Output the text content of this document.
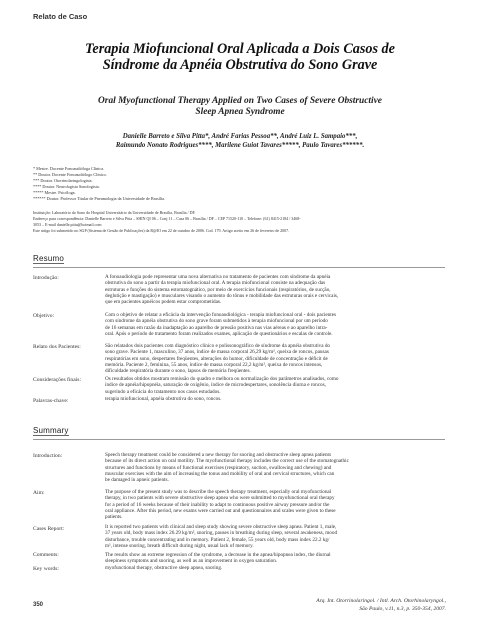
Relato de Caso
Terapia Miofuncional Oral Aplicada a Dois Casos de
Síndrome da Apnéia Obstrutiva do Sono Grave
Oral Myofunctional Therapy Applied on Two Cases of Severe Obstructive
Sleep Apnea Syndrome
Danielle Barreto e Silva Pitta*, André Farias Pessoa**, André Luiz L. Sampaio***,
Raimundo Nonato Rodrigues****, Marilene Guiot Tavares*****, Paulo Tavares******.
* Mestre. Docente Fonoaudióloga Clínica.
** Doutor. Docente Fonoaudiólogo Clínico.
*** Doutor. Otorrinolaringologista.
**** Doutor. Neurologista Sonologista.
***** Mestre. Psicóloga.
****** Doutor. Professor Titular de Pneumologia da Universidade de Brasília.
Instituição: Laboratório do Sono do Hospital Universitário da Universidade de Brasília, Brasília / DF.
Endereço para correspondência: Danielle Barreto e Silva Pitta – SHIN QI 06 – Conj 11 – Casa 06 – Brasília / DF – CEP 71520-110 – Telefone: (61) 8415-2184 / 3468-
3053 – E-mail danielle.pitta@hotmail.com
Este artigo foi submetido no SGP (Sistema de Gestão de Publicações) da R@IO em 22 de outubro de 2006. Cod. 179. Artigo aceito em 26 de fevereiro de 2007.
Resumo
Introdução:	A fonoaudiologia pode representar uma nova alternativa no tratamento de pacientes com síndrome da apnéia
obstrutiva do sono a partir da terapia miofuncional oral. A terapia miofuncional consiste na adequação das
estruturas e funções do sistema estomatognático, por meio de exercícios funcionais (respiratórios, de sucção,
deglutição e mastigação) e musculares visando o aumento do tônus e mobilidade das estruturas orais e cervicais,
que em pacientes apnéicos podem estar comprometidas.
Objetivo:	Com o objetivo de relatar a eficácia da intervenção fonoaudiológica - terapia miofuncional oral - dois pacientes
com síndrome da apnéia obstrutiva do sono grave foram submetidos à terapia miofuncional por um período
de 16 semanas em razão da inadaptação ao aparelho de pressão positiva nas vias aéreas e ao aparelho intra-
oral. Após o período de tratamento foram realizados exames, aplicação de questionários e escalas de controle.
Relato dos Pacientes:	São relatados dois pacientes com diagnóstico clínico e polissonográfico de síndrome da apnéia obstrutiva do
sono grave. Paciente 1, masculino, 37 anos, índice de massa corporal 26,29 kg/m², queixa de roncos, pausas
respiratórias em sono, despertares freqüentes, alterações do humor, dificuldade de concentração e déficit de
memória. Paciente 2, feminina, 55 anos, índice de massa corporal 22,2 kg/m², queixa de roncos intensos,
dificuldade respiratória durante o sono, lapsos de memória freqüentes.
Considerações finais:	Os resultados obtidos mostram remissão do quadro e melhora ou normalização dos parâmetros analisados, como
índice de apnéia/hipopnéia, saturação de oxigênio, índice de microdespertares, sonolência diurna e roncos,
sugerindo a eficácia do tratamento nos casos estudados.
Palavras-chave:	terapia miofuncional, apnéia obstrutiva do sono, roncos.
Summary
Introduction:	Speech therapy treatment could be considered a new therapy for snoring and obstructive sleep apnea patients
because of its direct action on oral motility. The myofunctional therapy includes the correct use of the stomatognathic
structures and functions by means of functional exercises (respiratory, suction, swallowing and chewing) and
muscular exercises with the aim of increasing the tonus and mobility of oral and cervical structures, which can
be damaged in apneic patients.
Aim:	The purpose of the present study was to describe the speech therapy treatment, especially oral myofunctional
therapy, in two patients with severe obstructive sleep apnea who were submitted to myofunctional oral therapy
for a period of 16 weeks because of their inability to adapt to continuous positive airway pressure and/or the
oral appliance. After this period, new exams were carried out and questionnaires and scales were given to these
patients.
Cases Report:	It is reported two patients with clinical and sleep study showing severe obstructive sleep apnea. Patient 1, male,
37 years old, body mass index 26.29 kg/m², snoring, pauses in breathing during sleep, several awakeness, mood
disturbance, trouble concentrating and in memory. Patient 2, female, 55 years old, body mass index 22.2 kg/
m², intense snoring, breath difficult during night, usual lack of memory.
Comments:	The results show an extreme regression of the syndrome, a decrease in the apnea/hipopnea index, the diurnal
sleepiness symptoms and snoring, as well as an improvement in oxygen saturation.
Key words:	myofunctional therapy, obstructive sleep apnea, snoring.
350
Arq. Int. Otorrinolaringol. / Intl. Arch. Otorhinolaryngol.,
São Paulo, v.11, n.3, p. 350-354, 2007.
